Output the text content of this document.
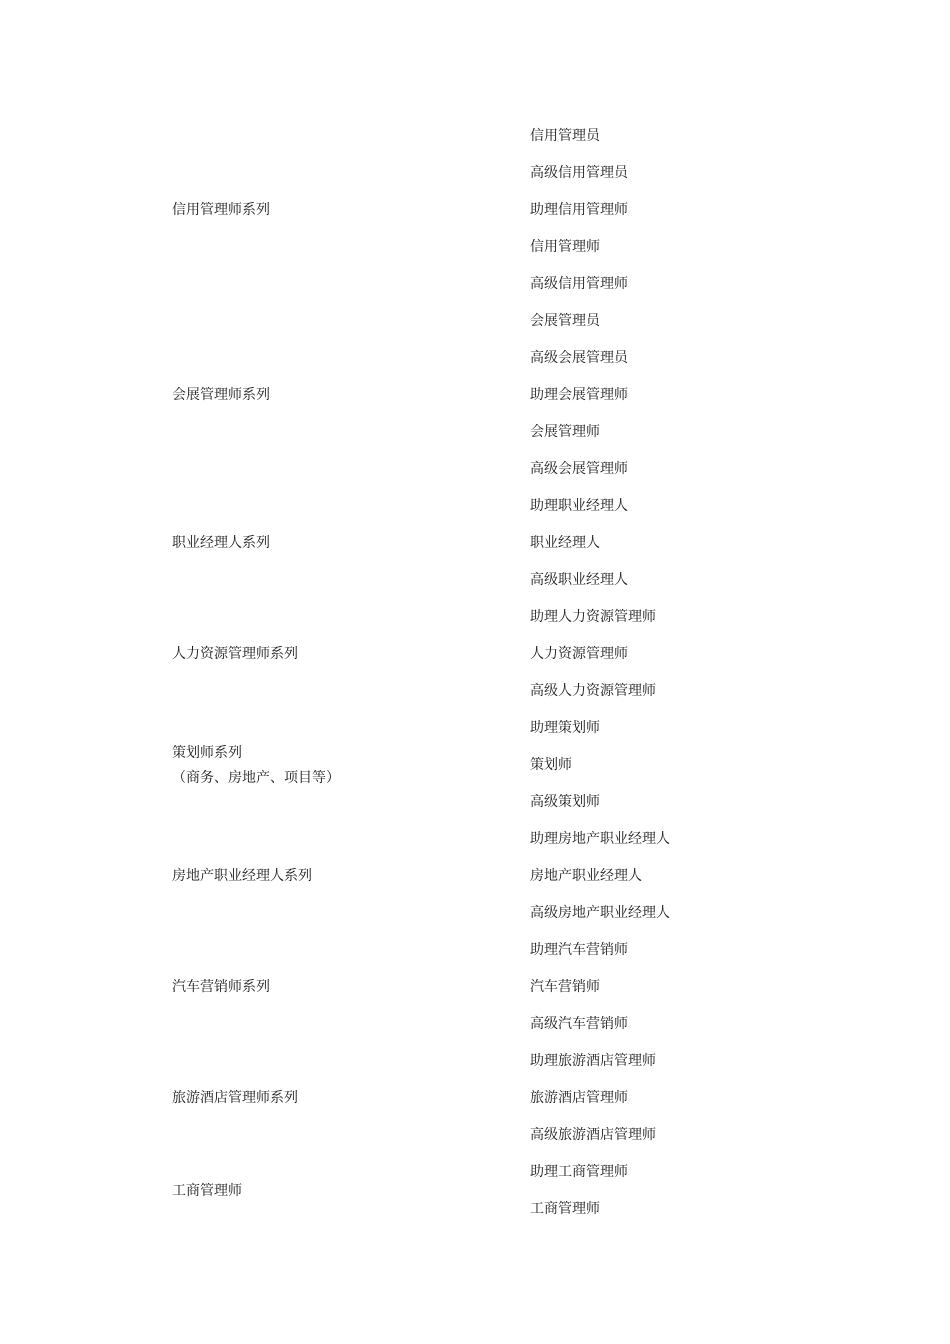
信用管理师系列
信用管理员
高级信用管理员
助理信用管理师
信用管理师
高级信用管理师
会展管理师系列
会展管理员
高级会展管理员
助理会展管理师
会展管理师
高级会展管理师
职业经理人系列
助理职业经理人
职业经理人
高级职业经理人
人力资源管理师系列
助理人力资源管理师
人力资源管理师
高级人力资源管理师
策划师系列
（商务、房地产、项目等）
助理策划师
策划师
高级策划师
房地产职业经理人系列
助理房地产职业经理人
房地产职业经理人
高级房地产职业经理人
汽车营销师系列
助理汽车营销师
汽车营销师
高级汽车营销师
旅游酒店管理师系列
助理旅游酒店管理师
旅游酒店管理师
高级旅游酒店管理师
工商管理师
助理工商管理师
工商管理师
